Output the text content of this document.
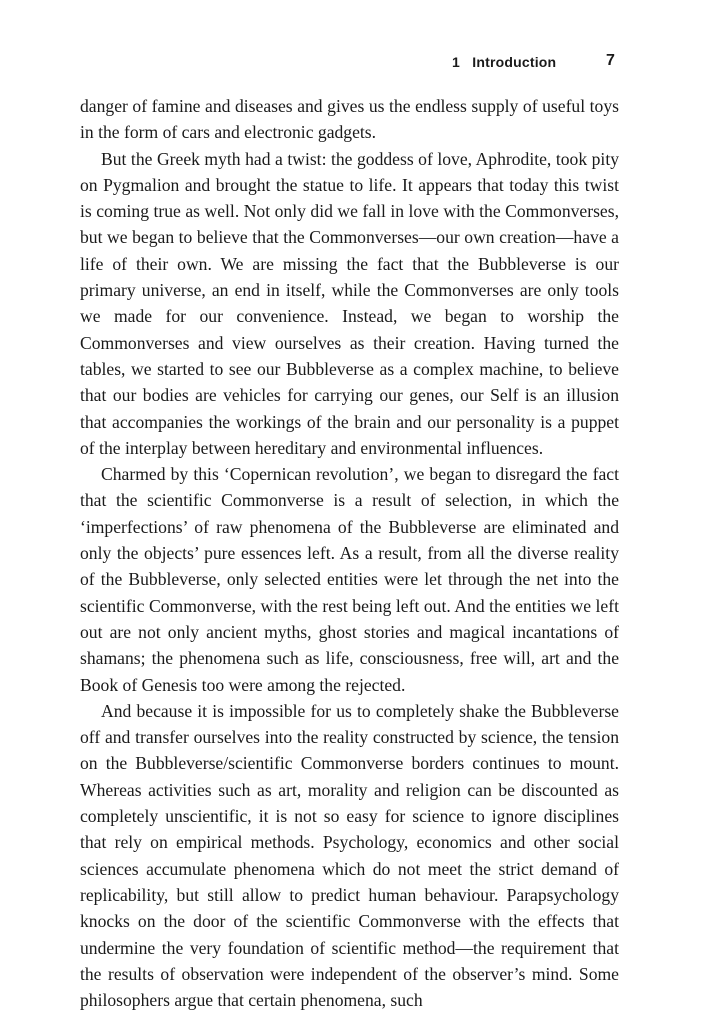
1   Introduction	7

danger of famine and diseases and gives us the endless supply of useful toys in the form of cars and electronic gadgets.

But the Greek myth had a twist: the goddess of love, Aphrodite, took pity on Pygmalion and brought the statue to life. It appears that today this twist is coming true as well. Not only did we fall in love with the Commonverses, but we began to believe that the Commonverses—our own creation—have a life of their own. We are missing the fact that the Bubbleverse is our primary universe, an end in itself, while the Commonverses are only tools we made for our convenience. Instead, we began to worship the Commonverses and view ourselves as their creation. Having turned the tables, we started to see our Bubbleverse as a complex machine, to believe that our bodies are vehicles for carrying our genes, our Self is an illusion that accompanies the workings of the brain and our personality is a puppet of the interplay between hereditary and environmental influences.

Charmed by this ‘Copernican revolution’, we began to disregard the fact that the scientific Commonverse is a result of selection, in which the ‘imperfections’ of raw phenomena of the Bubbleverse are eliminated and only the objects’ pure essences left. As a result, from all the diverse reality of the Bubbleverse, only selected entities were let through the net into the scientific Commonverse, with the rest being left out. And the entities we left out are not only ancient myths, ghost stories and magical incantations of shamans; the phenomena such as life, consciousness, free will, art and the Book of Genesis too were among the rejected.

And because it is impossible for us to completely shake the Bubbleverse off and transfer ourselves into the reality constructed by science, the tension on the Bubbleverse/scientific Commonverse borders continues to mount. Whereas activities such as art, morality and religion can be discounted as completely unscientific, it is not so easy for science to ignore disciplines that rely on empirical methods. Psychology, economics and other social sciences accumulate phenomena which do not meet the strict demand of replicability, but still allow to predict human behaviour. Parapsychology knocks on the door of the scientific Commonverse with the effects that undermine the very foundation of scientific method—the requirement that the results of observation were independent of the observer’s mind. Some philosophers argue that certain phenomena, such
